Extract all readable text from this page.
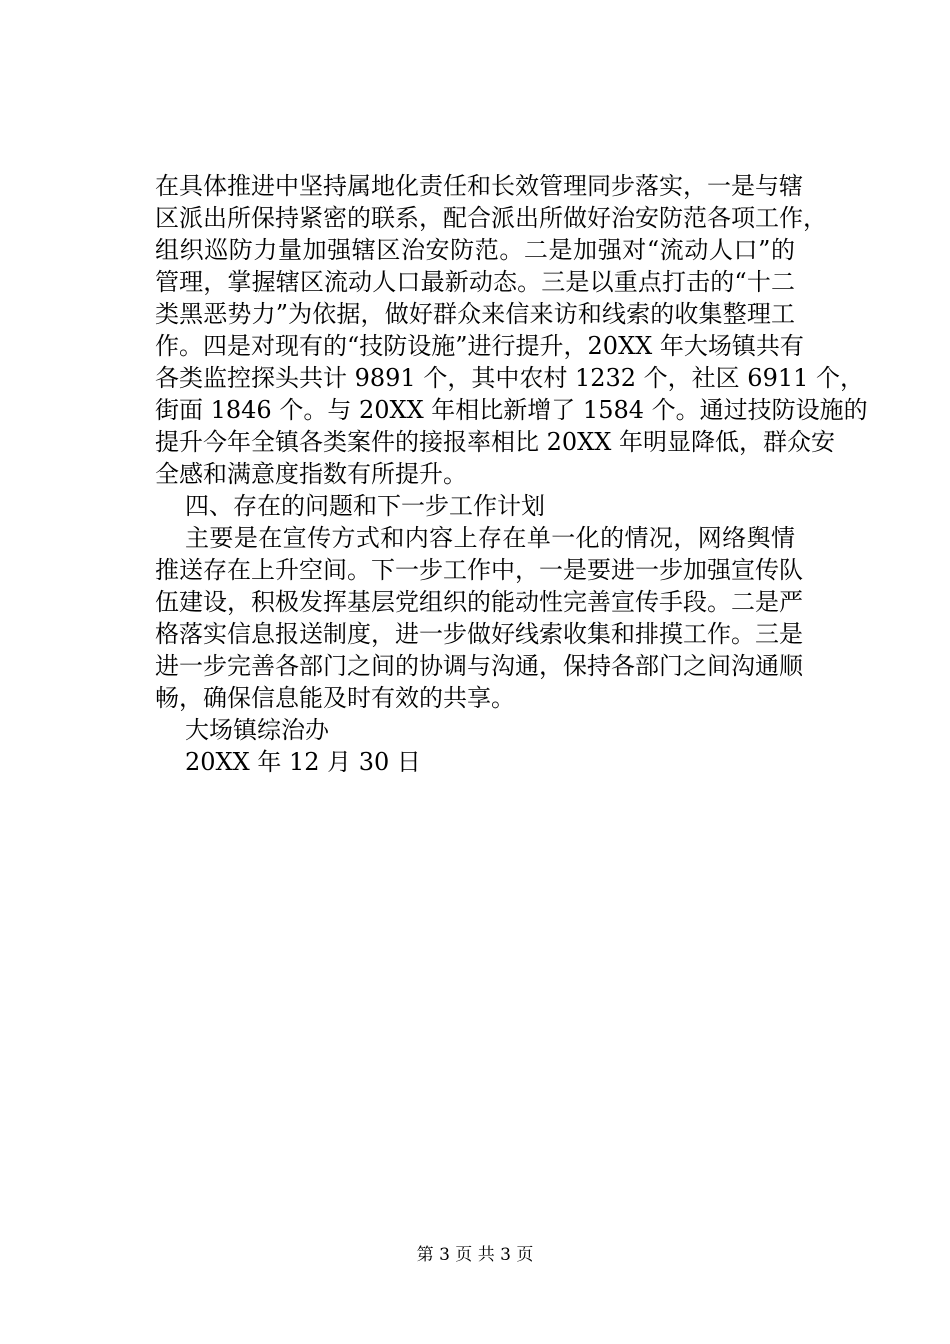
在具体推进中坚持属地化责任和长效管理同步落实，一是与辖
区派出所保持紧密的联系，配合派出所做好治安防范各项工作，
组织巡防力量加强辖区治安防范。二是加强对“流动人口”的
管理，掌握辖区流动人口最新动态。三是以重点打击的“十二
类黑恶势力”为依据，做好群众来信来访和线索的收集整理工
作。四是对现有的“技防设施”进行提升，20XX 年大场镇共有
各类监控探头共计 9891 个，其中农村 1232 个，社区 6911 个，
街面 1846 个。与 20XX 年相比新增了 1584 个。通过技防设施的
提升今年全镇各类案件的接报率相比 20XX 年明显降低，群众安
全感和满意度指数有所提升。
四、存在的问题和下一步工作计划
主要是在宣传方式和内容上存在单一化的情况，网络舆情
推送存在上升空间。下一步工作中，一是要进一步加强宣传队
伍建设，积极发挥基层党组织的能动性完善宣传手段。二是严
格落实信息报送制度，进一步做好线索收集和排摸工作。三是
进一步完善各部门之间的协调与沟通，保持各部门之间沟通顺
畅，确保信息能及时有效的共享。
大场镇综治办
20XX 年 12 月 30 日
第 3 页 共 3 页
